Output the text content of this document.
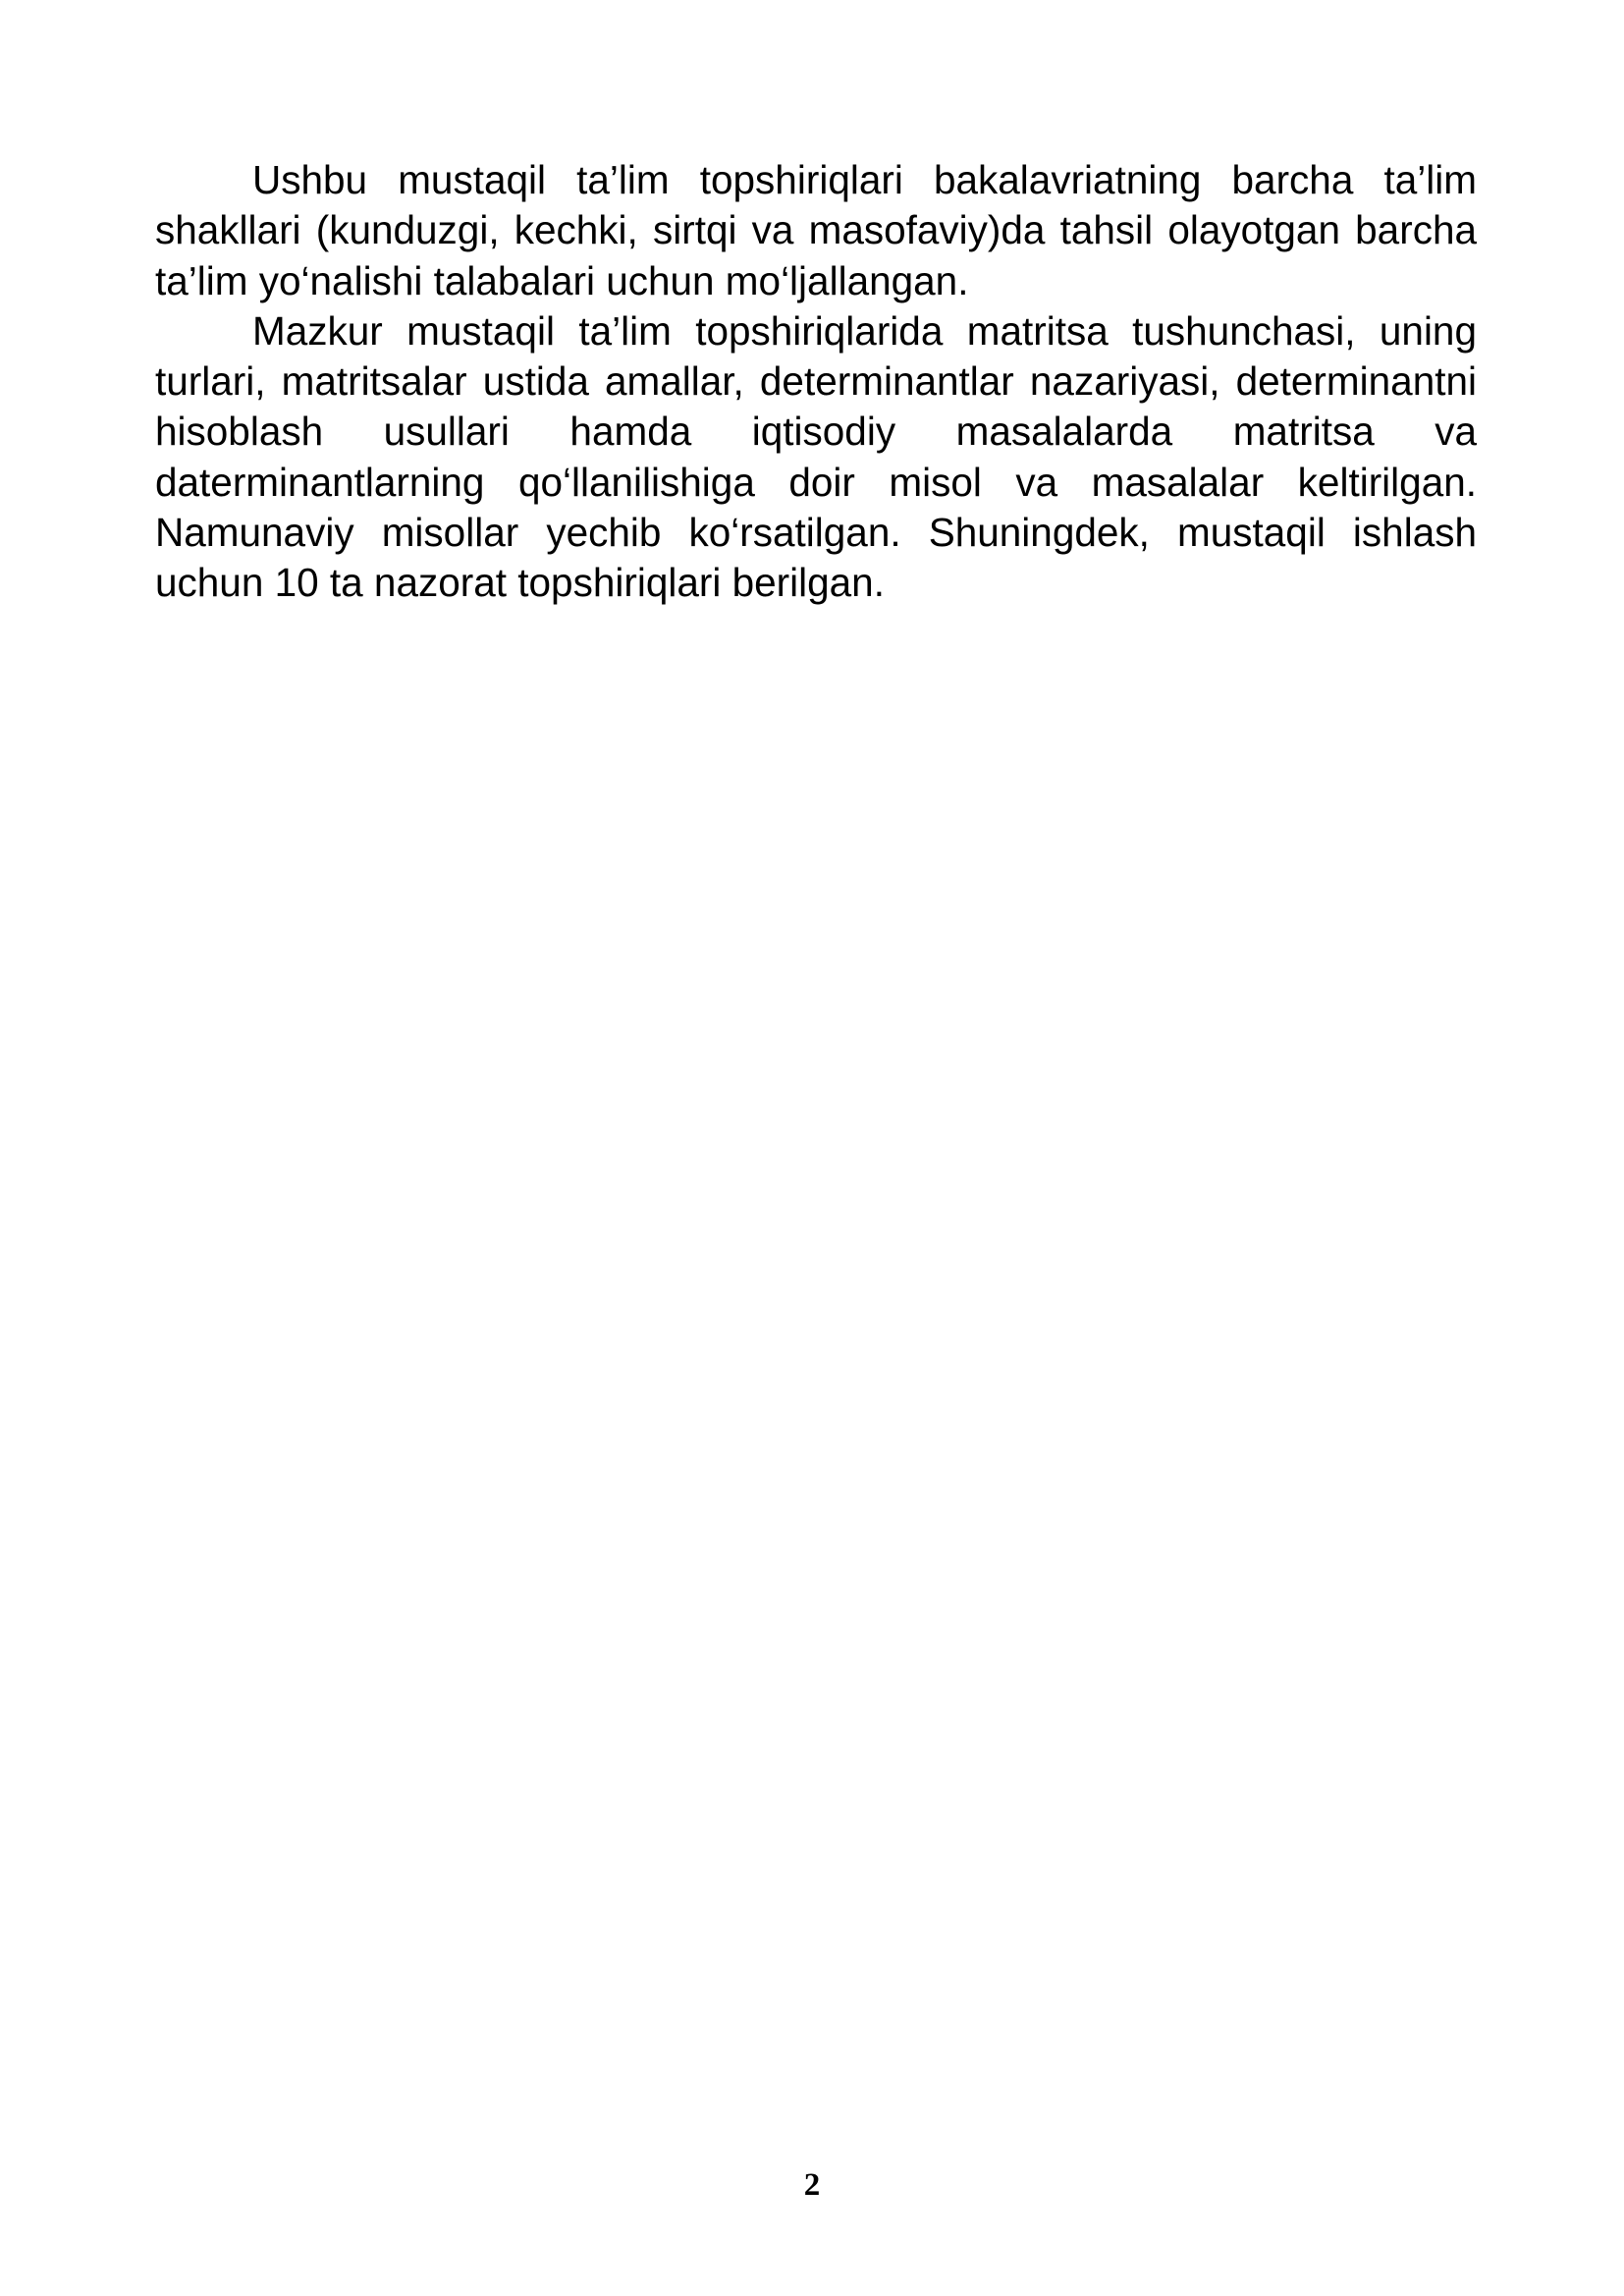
Ushbu mustaqil ta’lim topshiriqlari bakalavriatning barcha ta’lim shakllari (kunduzgi, kechki, sirtqi va masofaviy)da tahsil olayotgan barcha ta’lim yo‘nalishi talabalari uchun mo‘ljallangan.

Mazkur mustaqil ta’lim topshiriqlarida matritsa tushunchasi, uning turlari, matritsalar ustida amallar, determinantlar nazariyasi, determinantni hisoblash usullari hamda iqtisodiy masalalarda matritsa va daterminantlarning qo‘llanilishiga doir misol va masalalar keltirilgan. Namunaviy misollar yechib ko‘rsatilgan. Shuningdek, mustaqil ishlash uchun 10 ta nazorat topshiriqlari berilgan.

2
